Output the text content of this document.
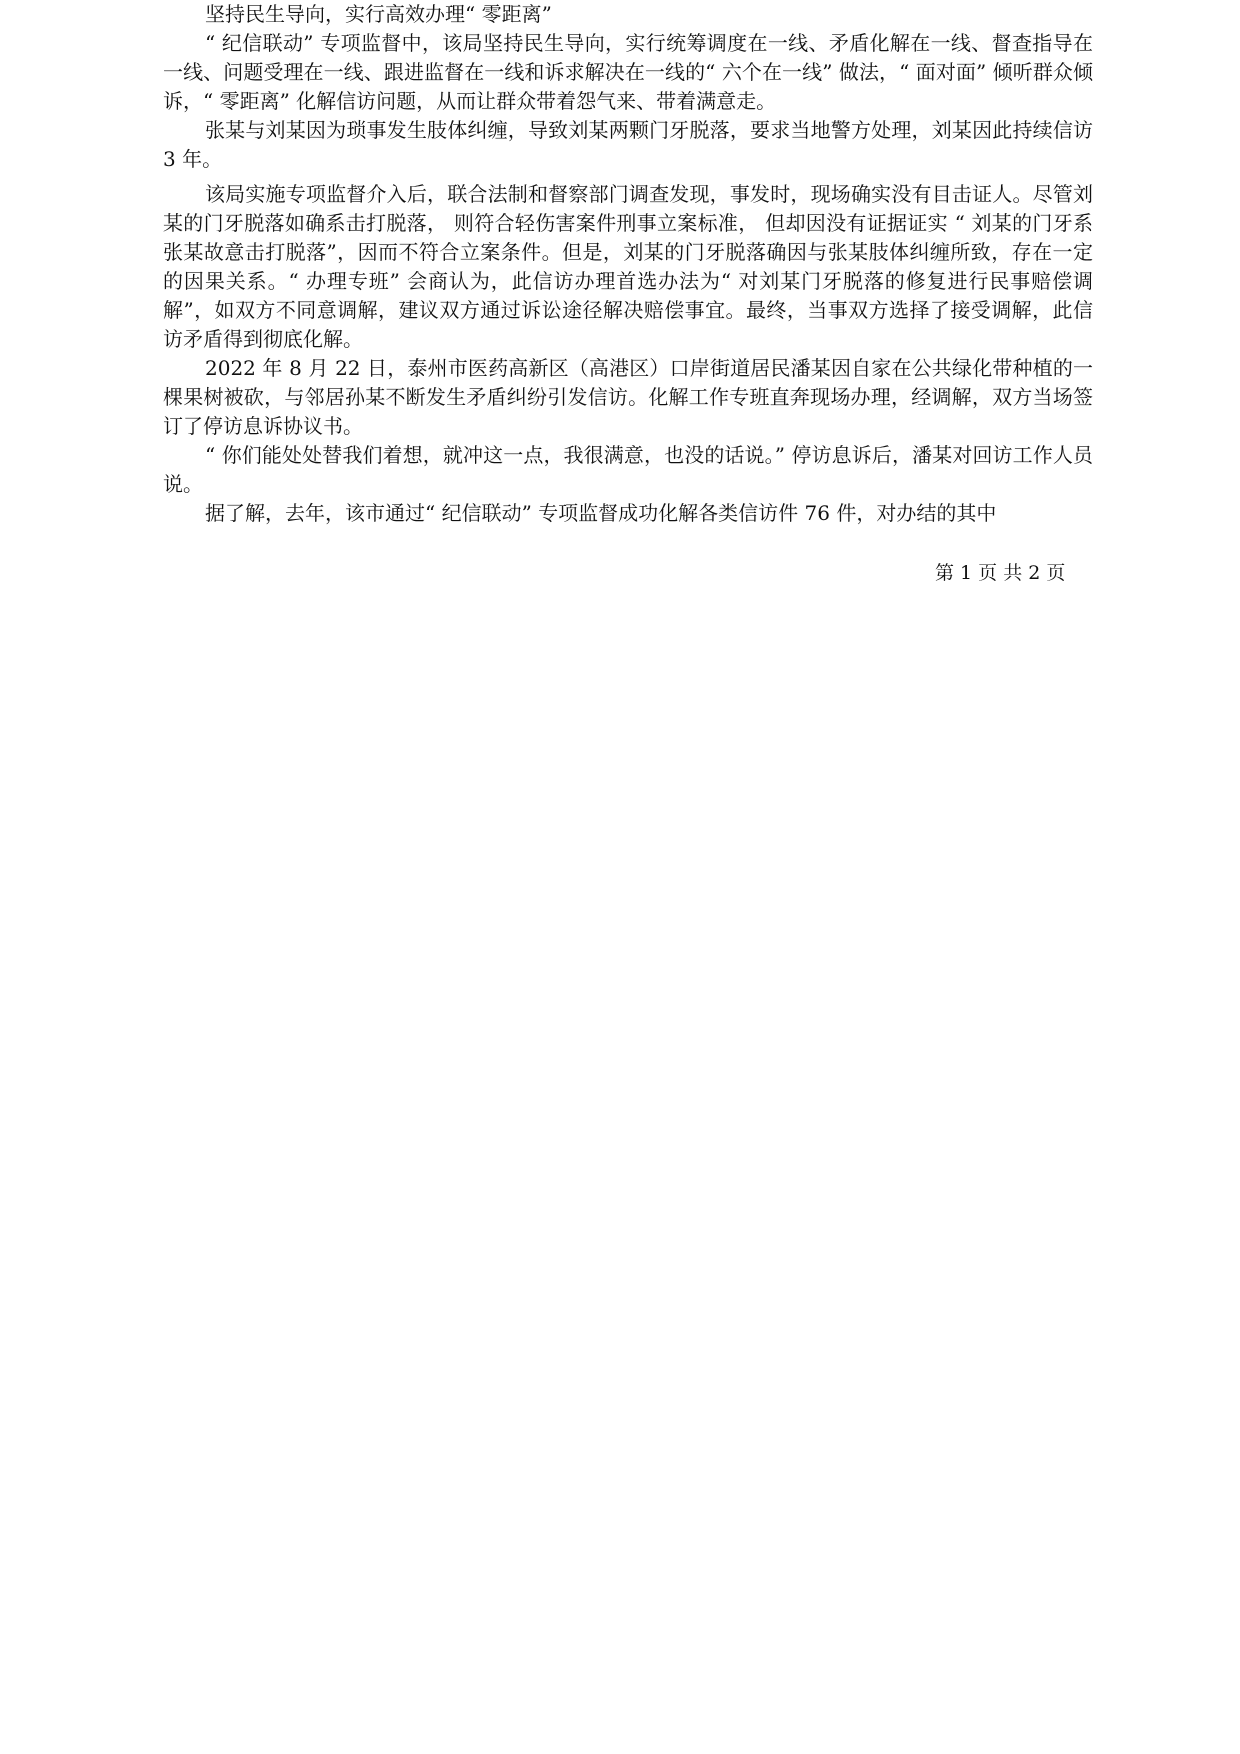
坚持民生导向，实行高效办理“ 零距离”

“ 纪信联动” 专项监督中，该局坚持民生导向，实行统筹调度在一线、矛盾化解在一线、督查指导在一线、问题受理在一线、跟进监督在一线和诉求解决在一线的“ 六个在一线” 做法，“ 面对面” 倾听群众倾诉，“ 零距离” 化解信访问题，从而让群众带着怨气来、带着满意走。

张某与刘某因为琐事发生肢体纠缠，导致刘某两颗门牙脱落，要求当地警方处理，刘某因此持续信访 3 年。

该局实施专项监督介入后，联合法制和督察部门调查发现，事发时，现场确实没有目击证人。尽管刘某的门牙脱落如确系击打脱落， 则符合轻伤害案件刑事立案标准， 但却因没有证据证实 “ 刘某的门牙系张某故意击打脱落”，因而不符合立案条件。但是，刘某的门牙脱落确因与张某肢体纠缠所致，存在一定的因果关系。“ 办理专班” 会商认为，此信访办理首选办法为“ 对刘某门牙脱落的修复进行民事赔偿调解”，如双方不同意调解，建议双方通过诉讼途径解决赔偿事宜。最终，当事双方选择了接受调解，此信访矛盾得到彻底化解。

2022 年 8 月 22 日，泰州市医药高新区（高港区）口岸街道居民潘某因自家在公共绿化带种植的一棵果树被砍，与邻居孙某不断发生矛盾纠纷引发信访。化解工作专班直奔现场办理，经调解，双方当场签订了停访息诉协议书。

“ 你们能处处替我们着想，就冲这一点，我很满意，也没的话说。” 停访息诉后，潘某对回访工作人员说。

据了解，去年，该市通过“ 纪信联动” 专项监督成功化解各类信访件 76 件，对办结的其中

第 1 页 共 2 页
